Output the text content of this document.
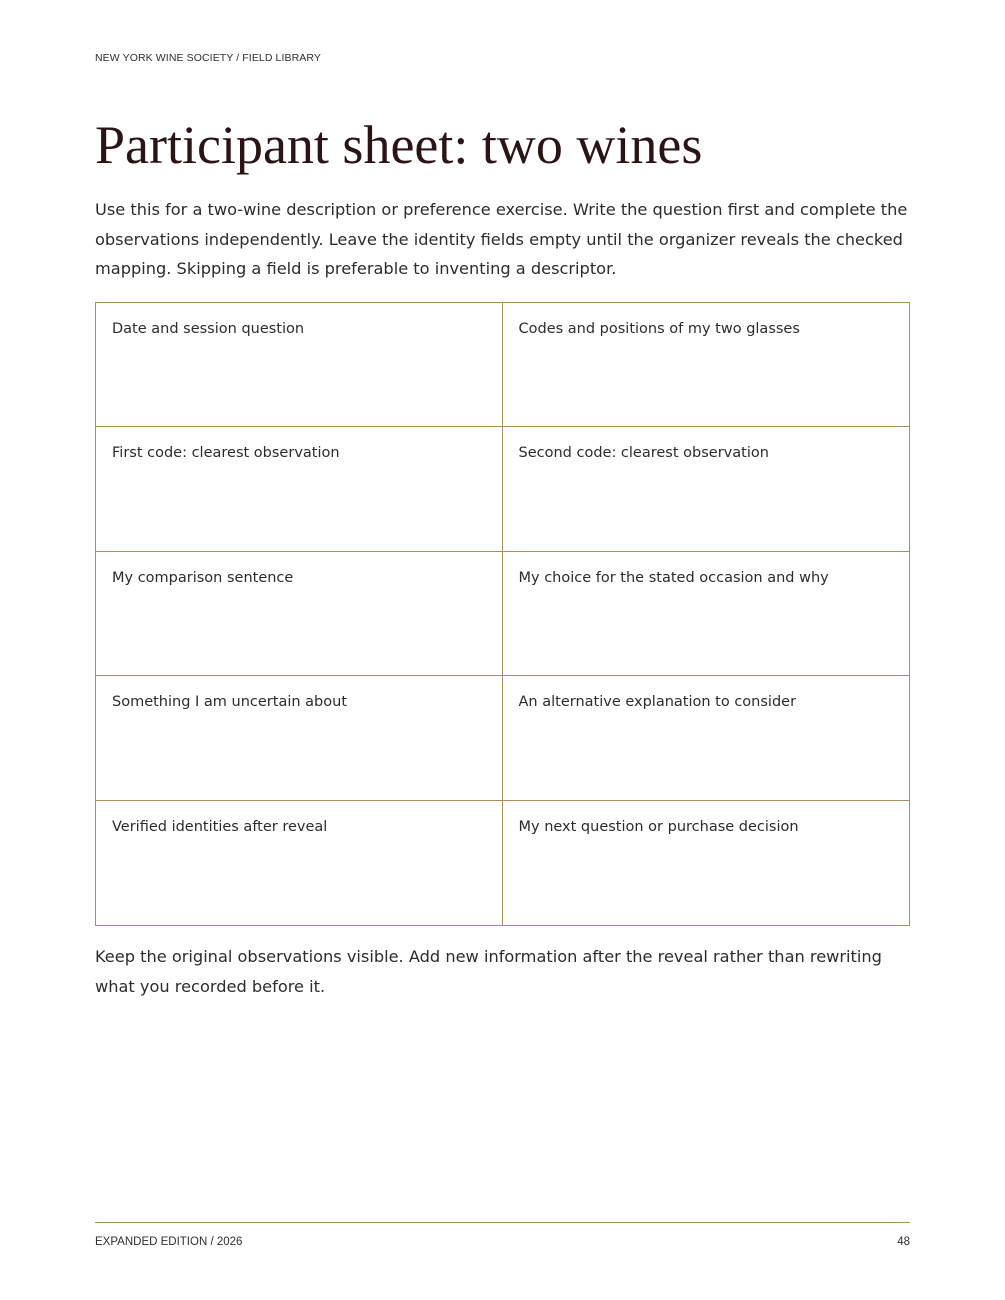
NEW YORK WINE SOCIETY / FIELD LIBRARY
Participant sheet: two wines

Use this for a two-wine description or preference exercise. Write the question first and complete the observations independently. Leave the identity fields empty until the organizer reveals the checked mapping. Skipping a field is preferable to inventing a descriptor.

Date and session question	Codes and positions of my two glasses
First code: clearest observation	Second code: clearest observation
My comparison sentence	My choice for the stated occasion and why
Something I am uncertain about	An alternative explanation to consider
Verified identities after reveal	My next question or purchase decision

Keep the original observations visible. Add new information after the reveal rather than rewriting what you recorded before it.

EXPANDED EDITION / 2026	48
